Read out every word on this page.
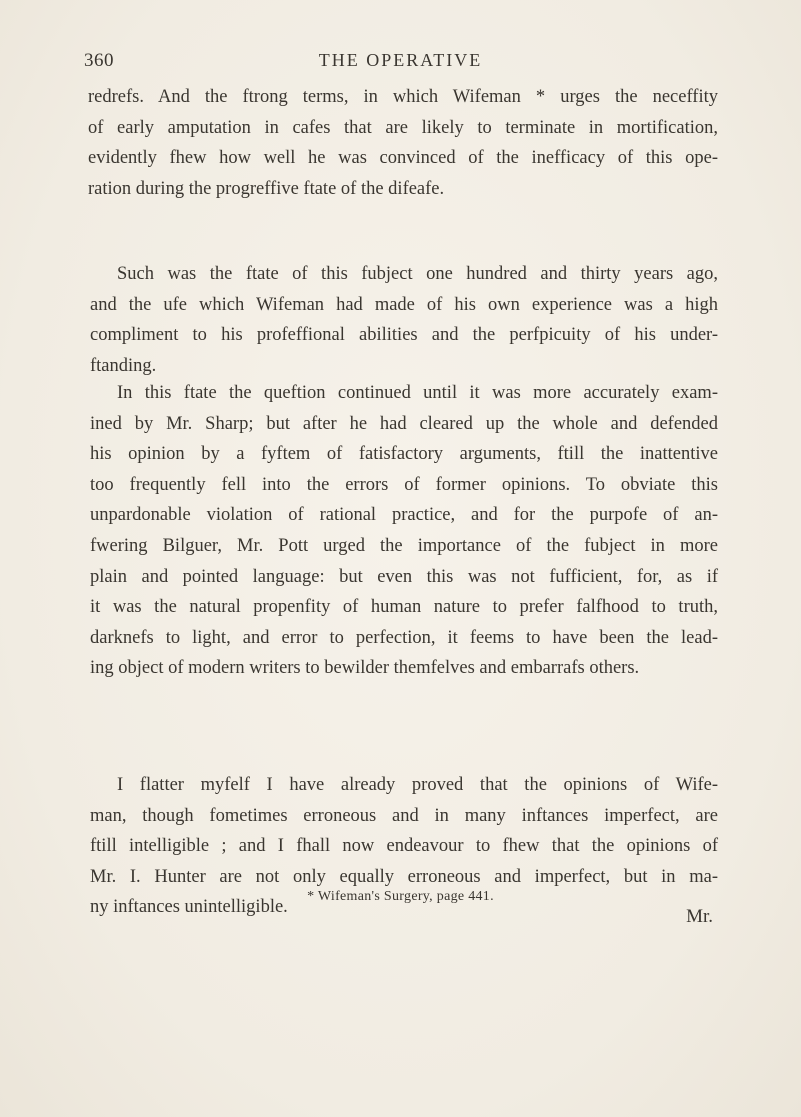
360	THE OPERATIVE

redrefs. And the ftrong terms, in which Wifeman * urges the neceffity
of early amputation in cafes that are likely to terminate in mortification,
evidently fhew how well he was convinced of the inefficacy of this ope-
ration during the progreffive ftate of the difeafe.

Such was the ftate of this fubject one hundred and thirty years ago,
and the ufe which Wifeman had made of his own experience was a high
compliment to his profeffional abilities and the perfpicuity of his under-
ftanding.

In this ftate the queftion continued until it was more accurately exam-
ined by Mr. Sharp; but after he had cleared up the whole and defended
his opinion by a fyftem of fatisfactory arguments, ftill the inattentive
too frequently fell into the errors of former opinions. To obviate this
unpardonable violation of rational practice, and for the purpofe of an-
fwering Bilguer, Mr. Pott urged the importance of the fubject in more
plain and pointed language: but even this was not fufficient, for, as if
it was the natural propenfity of human nature to prefer falfhood to truth,
darknefs to light, and error to perfection, it feems to have been the lead-
ing object of modern writers to bewilder themfelves and embarrafs others.

I flatter myfelf I have already proved that the opinions of Wife-
man, though fometimes erroneous and in many inftances imperfect, are
ftill intelligible ; and I fhall now endeavour to fhew that the opinions of
Mr. I. Hunter are not only equally erroneous and imperfect, but in ma-
ny inftances unintelligible.

* Wifeman's Surgery, page 441.
Mr.
